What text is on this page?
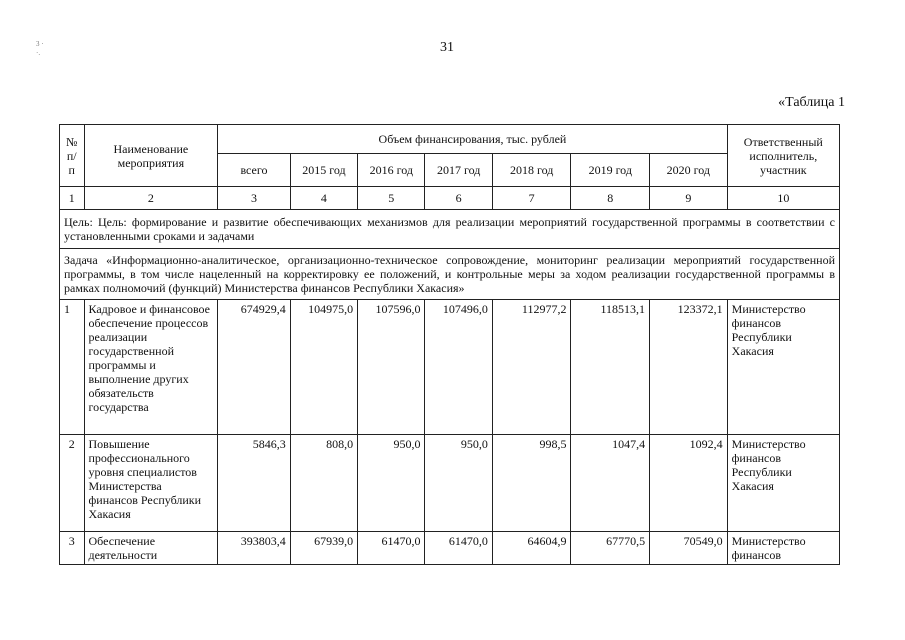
31
3 · ·.
«Таблица 1
№ п/п	Наименование мероприятия	Объем финансирования, тыс. рублей							Ответственный исполнитель, участник
		всего	2015 год	2016 год	2017 год	2018 год	2019 год	2020 год	
1	2	3	4	5	6	7	8	9	10
Цель: Цель: формирование и развитие обеспечивающих механизмов для реализации мероприятий государственной программы в соответствии с установленными сроками и задачами									
Задача «Информационно-аналитическое, организационно-техническое сопровождение, мониторинг реализации мероприятий государственной программы, в том числе нацеленный на корректировку ее положений, и контрольные меры за ходом реализации государственной программы в рамках полномочий (функций) Министерства финансов Республики Хакасия»									
1	Кадровое и финансовое обеспечение процессов реализации государственной программы и выполнение других обязательств государства	674929,4	104975,0	107596,0	107496,0	112977,2	118513,1	123372,1	Министерство финансов Республики Хакасия
2	Повышение профессионального уровня специалистов Министерства финансов Республики Хакасия	5846,3	808,0	950,0	950,0	998,5	1047,4	1092,4	Министерство финансов Республики Хакасия
3	Обеспечение деятельности	393803,4	67939,0	61470,0	61470,0	64604,9	67770,5	70549,0	Министерство финансов
